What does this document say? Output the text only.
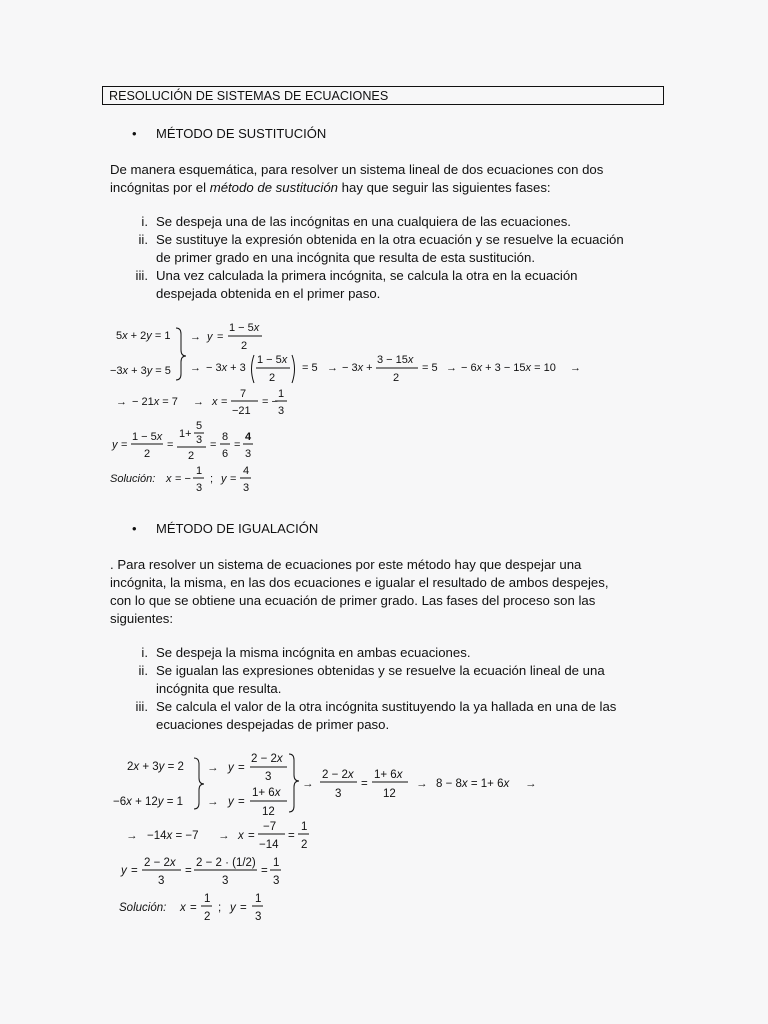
RESOLUCIÓN DE SISTEMAS DE ECUACIONES
• MÉTODO DE SUSTITUCIÓN
De manera esquemática, para resolver un sistema lineal de dos ecuaciones con dos
incógnitas por el método de sustitución hay que seguir las siguientes fases:
i. Se despeja una de las incógnitas en una cualquiera de las ecuaciones.
ii. Se sustituye la expresión obtenida en la otra ecuación y se resuelve la ecuación
de primer grado en una incógnita que resulta de esta sustitución.
iii. Una vez calculada la primera incógnita, se calcula la otra en la ecuación
despejada obtenida en el primer paso.
• MÉTODO DE IGUALACIÓN
. Para resolver un sistema de ecuaciones por este método hay que despejar una
incógnita, la misma, en las dos ecuaciones e igualar el resultado de ambos despejes,
con lo que se obtiene una ecuación de primer grado. Las fases del proceso son las
siguientes:
i. Se despeja la misma incógnita en ambas ecuaciones.
ii. Se igualan las expresiones obtenidas y se resuelve la ecuación lineal de una
incógnita que resulta.
iii. Se calcula el valor de la otra incógnita sustituyendo la ya hallada en una de las
ecuaciones despejadas de primer paso.
5x + 2y = 1 → y =
1 − 5x
2
−3x + 3y = 5 → − 3x + 3
1 − 5x
2
= 5 → − 3x +
3 − 15x
2
= 5 → − 6x + 3 − 15x = 10 →
→ − 21x = 7 → x =
7
−21
= −
1
3
y =
1 − 5x
2
=
1+
5
3
2
=
8
6
=
4
3
Solución: x = −
1
3
; y =
4
3
2x + 3y = 2 → y =
2 − 2x
3
−6x + 12y = 1 → y =
1+ 6x
12
→
2 − 2x
3
=
1+ 6x
12
→ 8 − 8x = 1+ 6x →
→ −14x = −7 → x =
−7
−14
=
1
2
y =
2 − 2x
3
=
2 − 2 · (1/2)
3
=
1
3
Solución: x =
1
2
; y =
1
3
